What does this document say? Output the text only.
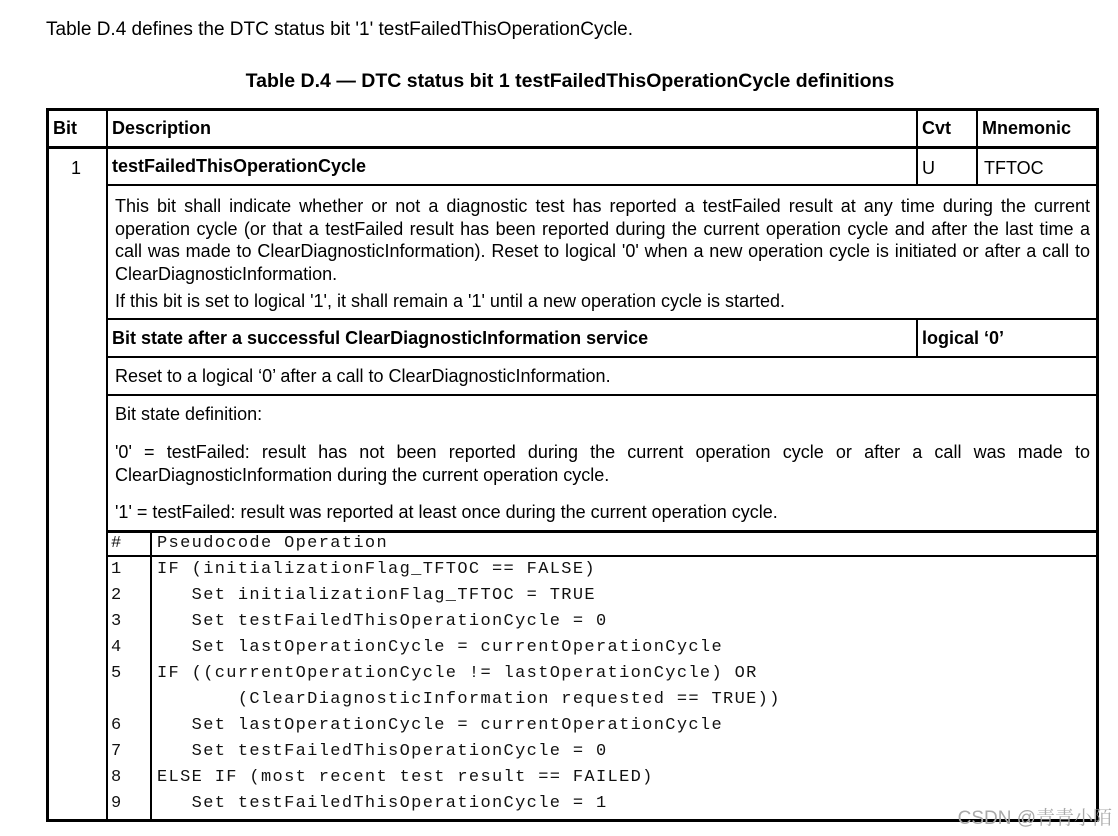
Table D.4 defines the DTC status bit '1' testFailedThisOperationCycle.
Table D.4 — DTC status bit 1 testFailedThisOperationCycle definitions
Bit Description	Cvt Mnemonic
1 testFailedThisOperationCycle	U	TFTOC
This bit shall indicate whether or not a diagnostic test has reported a testFailed result at any time during the current operation cycle (or that a testFailed result has been reported during the current operation cycle and after the last time a call was made to ClearDiagnosticInformation). Reset to logical '0' when a new operation cycle is initiated or after a call to ClearDiagnosticInformation.
If this bit is set to logical '1', it shall remain a '1' until a new operation cycle is started.
Bit state after a successful ClearDiagnosticInformation service	logical ‘0’
Reset to a logical ‘0’ after a call to ClearDiagnosticInformation.
Bit state definition:
'0' = testFailed: result has not been reported during the current operation cycle or after a call was made to ClearDiagnosticInformation during the current operation cycle.
'1' = testFailed: result was reported at least once during the current operation cycle.
# Pseudocode Operation
1 IF (initializationFlag_TFTOC == FALSE)
2 Set initializationFlag_TFTOC = TRUE
3 Set testFailedThisOperationCycle = 0
4 Set lastOperationCycle = currentOperationCycle
5 IF ((currentOperationCycle != lastOperationCycle) OR
(ClearDiagnosticInformation requested == TRUE))
6 Set lastOperationCycle = currentOperationCycle
7 Set testFailedThisOperationCycle = 0
8 ELSE IF (most recent test result == FAILED)
9 Set testFailedThisOperationCycle = 1
CSDN @青青小陌
